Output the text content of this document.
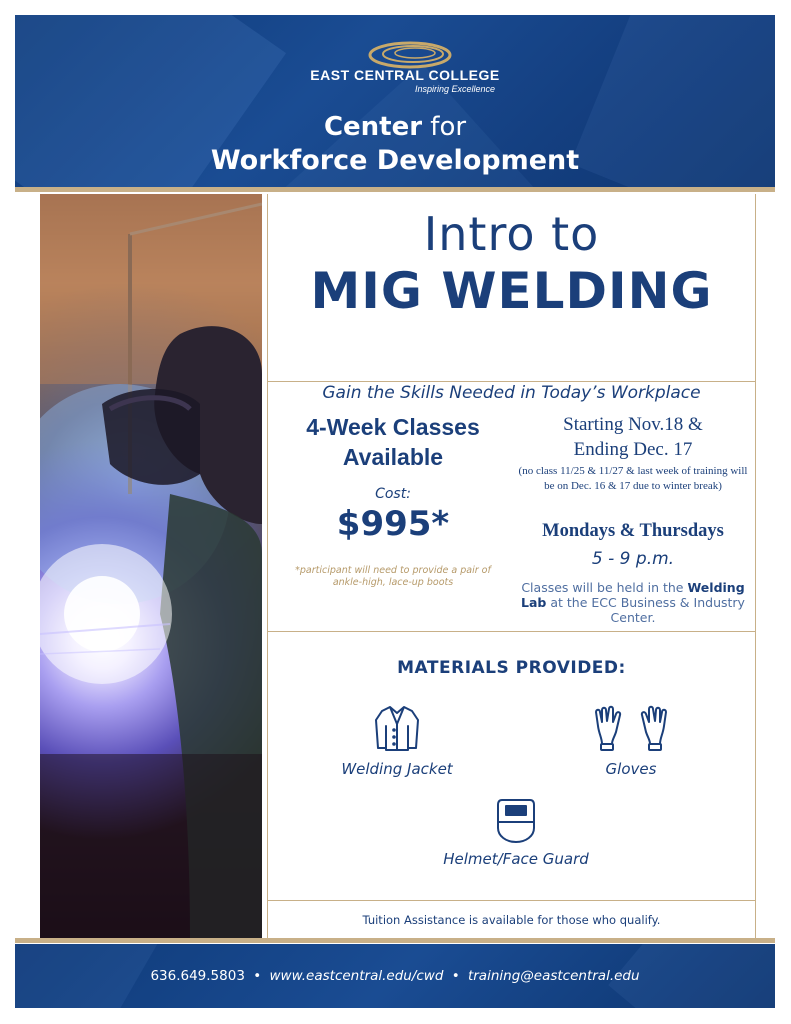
EAST CENTRAL COLLEGE
Inspiring Excellence
Center for
Workforce Development
Intro to
MIG WELDING
Gain the Skills Needed in Today’s Workplace
4-Week Classes
Available
Cost:
$995*
*participant will need to provide a pair of ankle-high, lace-up boots
Starting Nov.18 &
Ending Dec. 17
(no class 11/25 & 11/27 & last week of training will be on Dec. 16 & 17 due to winter break)
Mondays & Thursdays
5 - 9 p.m.
Classes will be held in the Welding Lab at the ECC Business & Industry Center.
MATERIALS PROVIDED:
Welding Jacket	Gloves
Helmet/Face Guard
Tuition Assistance is available for those who qualify.
636.649.5803 • www.eastcentral.edu/cwd • training@eastcentral.edu
